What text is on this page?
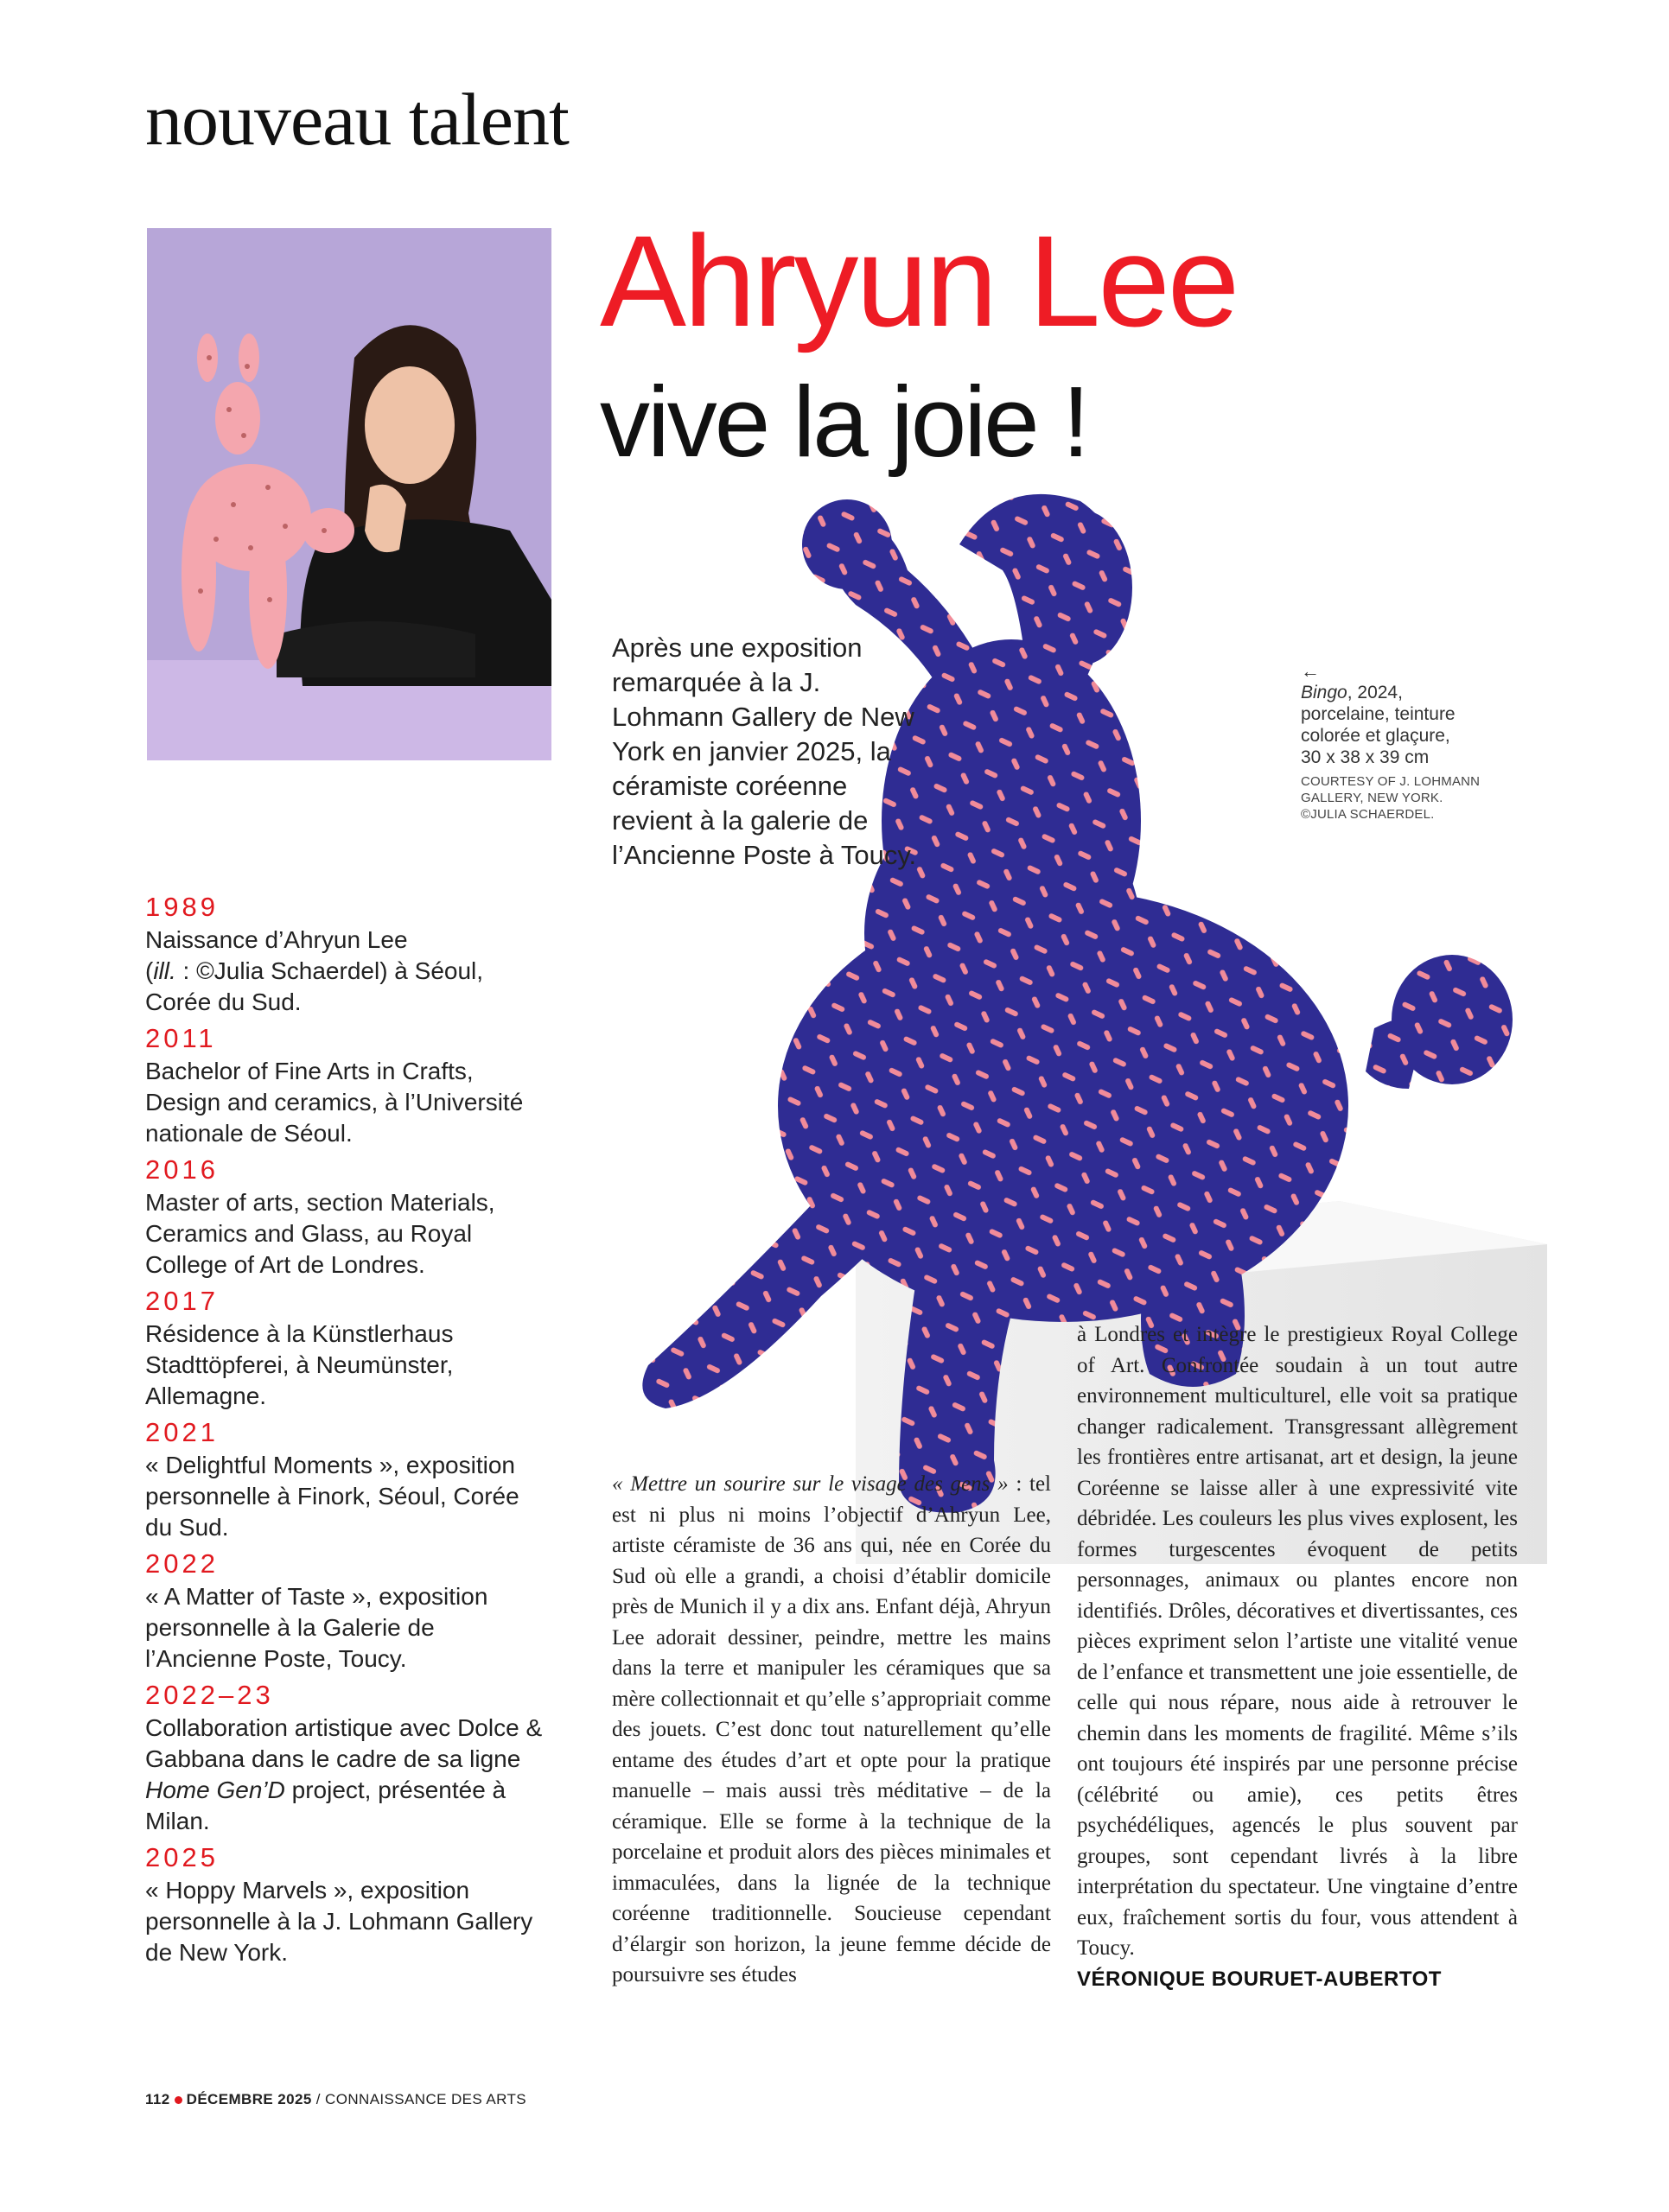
nouveau talent
Ahryun Lee
vive la joie !

Après une exposition remarquée à la J. Lohmann Gallery de New York en janvier 2025, la céramiste coréenne revient à la galerie de l’Ancienne Poste à Toucy.

←
Bingo, 2024,
porcelaine, teinture
colorée et glaçure,
30 x 38 x 39 cm
COURTESY OF J. LOHMANN
GALLERY, NEW YORK.
©JULIA SCHAERDEL.
1989
Naissance d’Ahryun Lee
(ill. : ©Julia Schaerdel) à Séoul, Corée du Sud.
2011
Bachelor of Fine Arts in Crafts, Design and ceramics, à l’Université nationale de Séoul.
2016
Master of arts, section Materials, Ceramics and Glass, au Royal College of Art de Londres.
2017
Résidence à la Künstlerhaus Stadttöpferei, à Neumünster, Allemagne.
2021
« Delightful Moments », exposition personnelle à Finork, Séoul, Corée du Sud.
2022
« A Matter of Taste », exposition personnelle à la Galerie de l’Ancienne Poste, Toucy.
2022–23
Collaboration artistique avec Dolce & Gabbana dans le cadre de sa ligne Home Gen’D project, présentée à Milan.
2025
« Hoppy Marvels », exposition personnelle à la J. Lohmann Gallery de New York.

« Mettre un sourire sur le visage des gens » : tel est ni plus ni moins l’objectif d’Ahryun Lee, artiste céramiste de 36 ans qui, née en Corée du Sud où elle a grandi, a choisi d’établir domicile près de Munich il y a dix ans. Enfant déjà, Ahryun Lee adorait dessiner, peindre, mettre les mains dans la terre et manipuler les céramiques que sa mère collectionnait et qu’elle s’appropriait comme des jouets. C’est donc tout naturellement qu’elle entame des études d’art et opte pour la pratique manuelle – mais aussi très méditative – de la céramique. Elle se forme à la technique de la porcelaine et produit alors des pièces minimales et immaculées, dans la lignée de la technique coréenne traditionnelle. Soucieuse cependant d’élargir son horizon, la jeune femme décide de poursuivre ses études

à Londres et intègre le prestigieux Royal College of Art. Confrontée soudain à un tout autre environnement multiculturel, elle voit sa pratique changer radicalement. Transgressant allègrement les frontières entre artisanat, art et design, la jeune Coréenne se laisse aller à une expressivité vite débridée. Les couleurs les plus vives explosent, les formes turgescentes évoquent de petits personnages, animaux ou plantes encore non identifiés. Drôles, décoratives et divertissantes, ces pièces expriment selon l’artiste une vitalité venue de l’enfance et transmettent une joie essentielle, de celle qui nous répare, nous aide à retrouver le chemin dans les moments de fragilité. Même s’ils ont toujours été inspirés par une personne précise (célébrité ou amie), ces petits êtres psychédéliques, agencés le plus souvent par groupes, sont cependant livrés à la libre interprétation du spectateur. Une vingtaine d’entre eux, fraîchement sortis du four, vous attendent à Toucy.

VÉRONIQUE BOURUET-AUBERTOT
112 DÉCEMBRE 2025 / CONNAISSANCE DES ARTS
